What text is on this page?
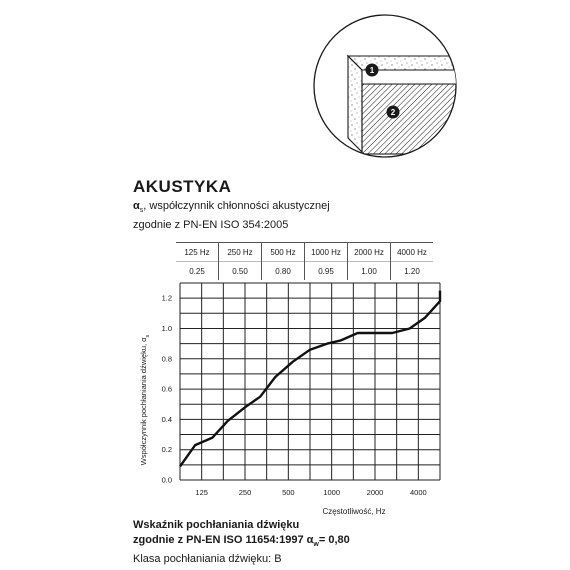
1
2
AKUSTYKA
$\alpha_s$, współczynnik chłonności akustycznej
zgodnie z PN-EN ISO 354:2005
125 Hz	250 Hz	500 Hz	1000 Hz	2000 Hz	4000 Hz
0.25	0.50	0.80	0.95	1.00	1.20
0.0
0.2
0.4
0.6
0.8
1.0
1.2
125	250	500	1000	2000	4000
Współczynnik pochłaniania dźwięku, $\alpha_s$
Częstotliwość, Hz
Wskaźnik pochłaniania dźwięku
zgodnie z PN-EN ISO 11654:1997 $\alpha_w= 0,80$
Klasa pochłaniania dźwięku: B
